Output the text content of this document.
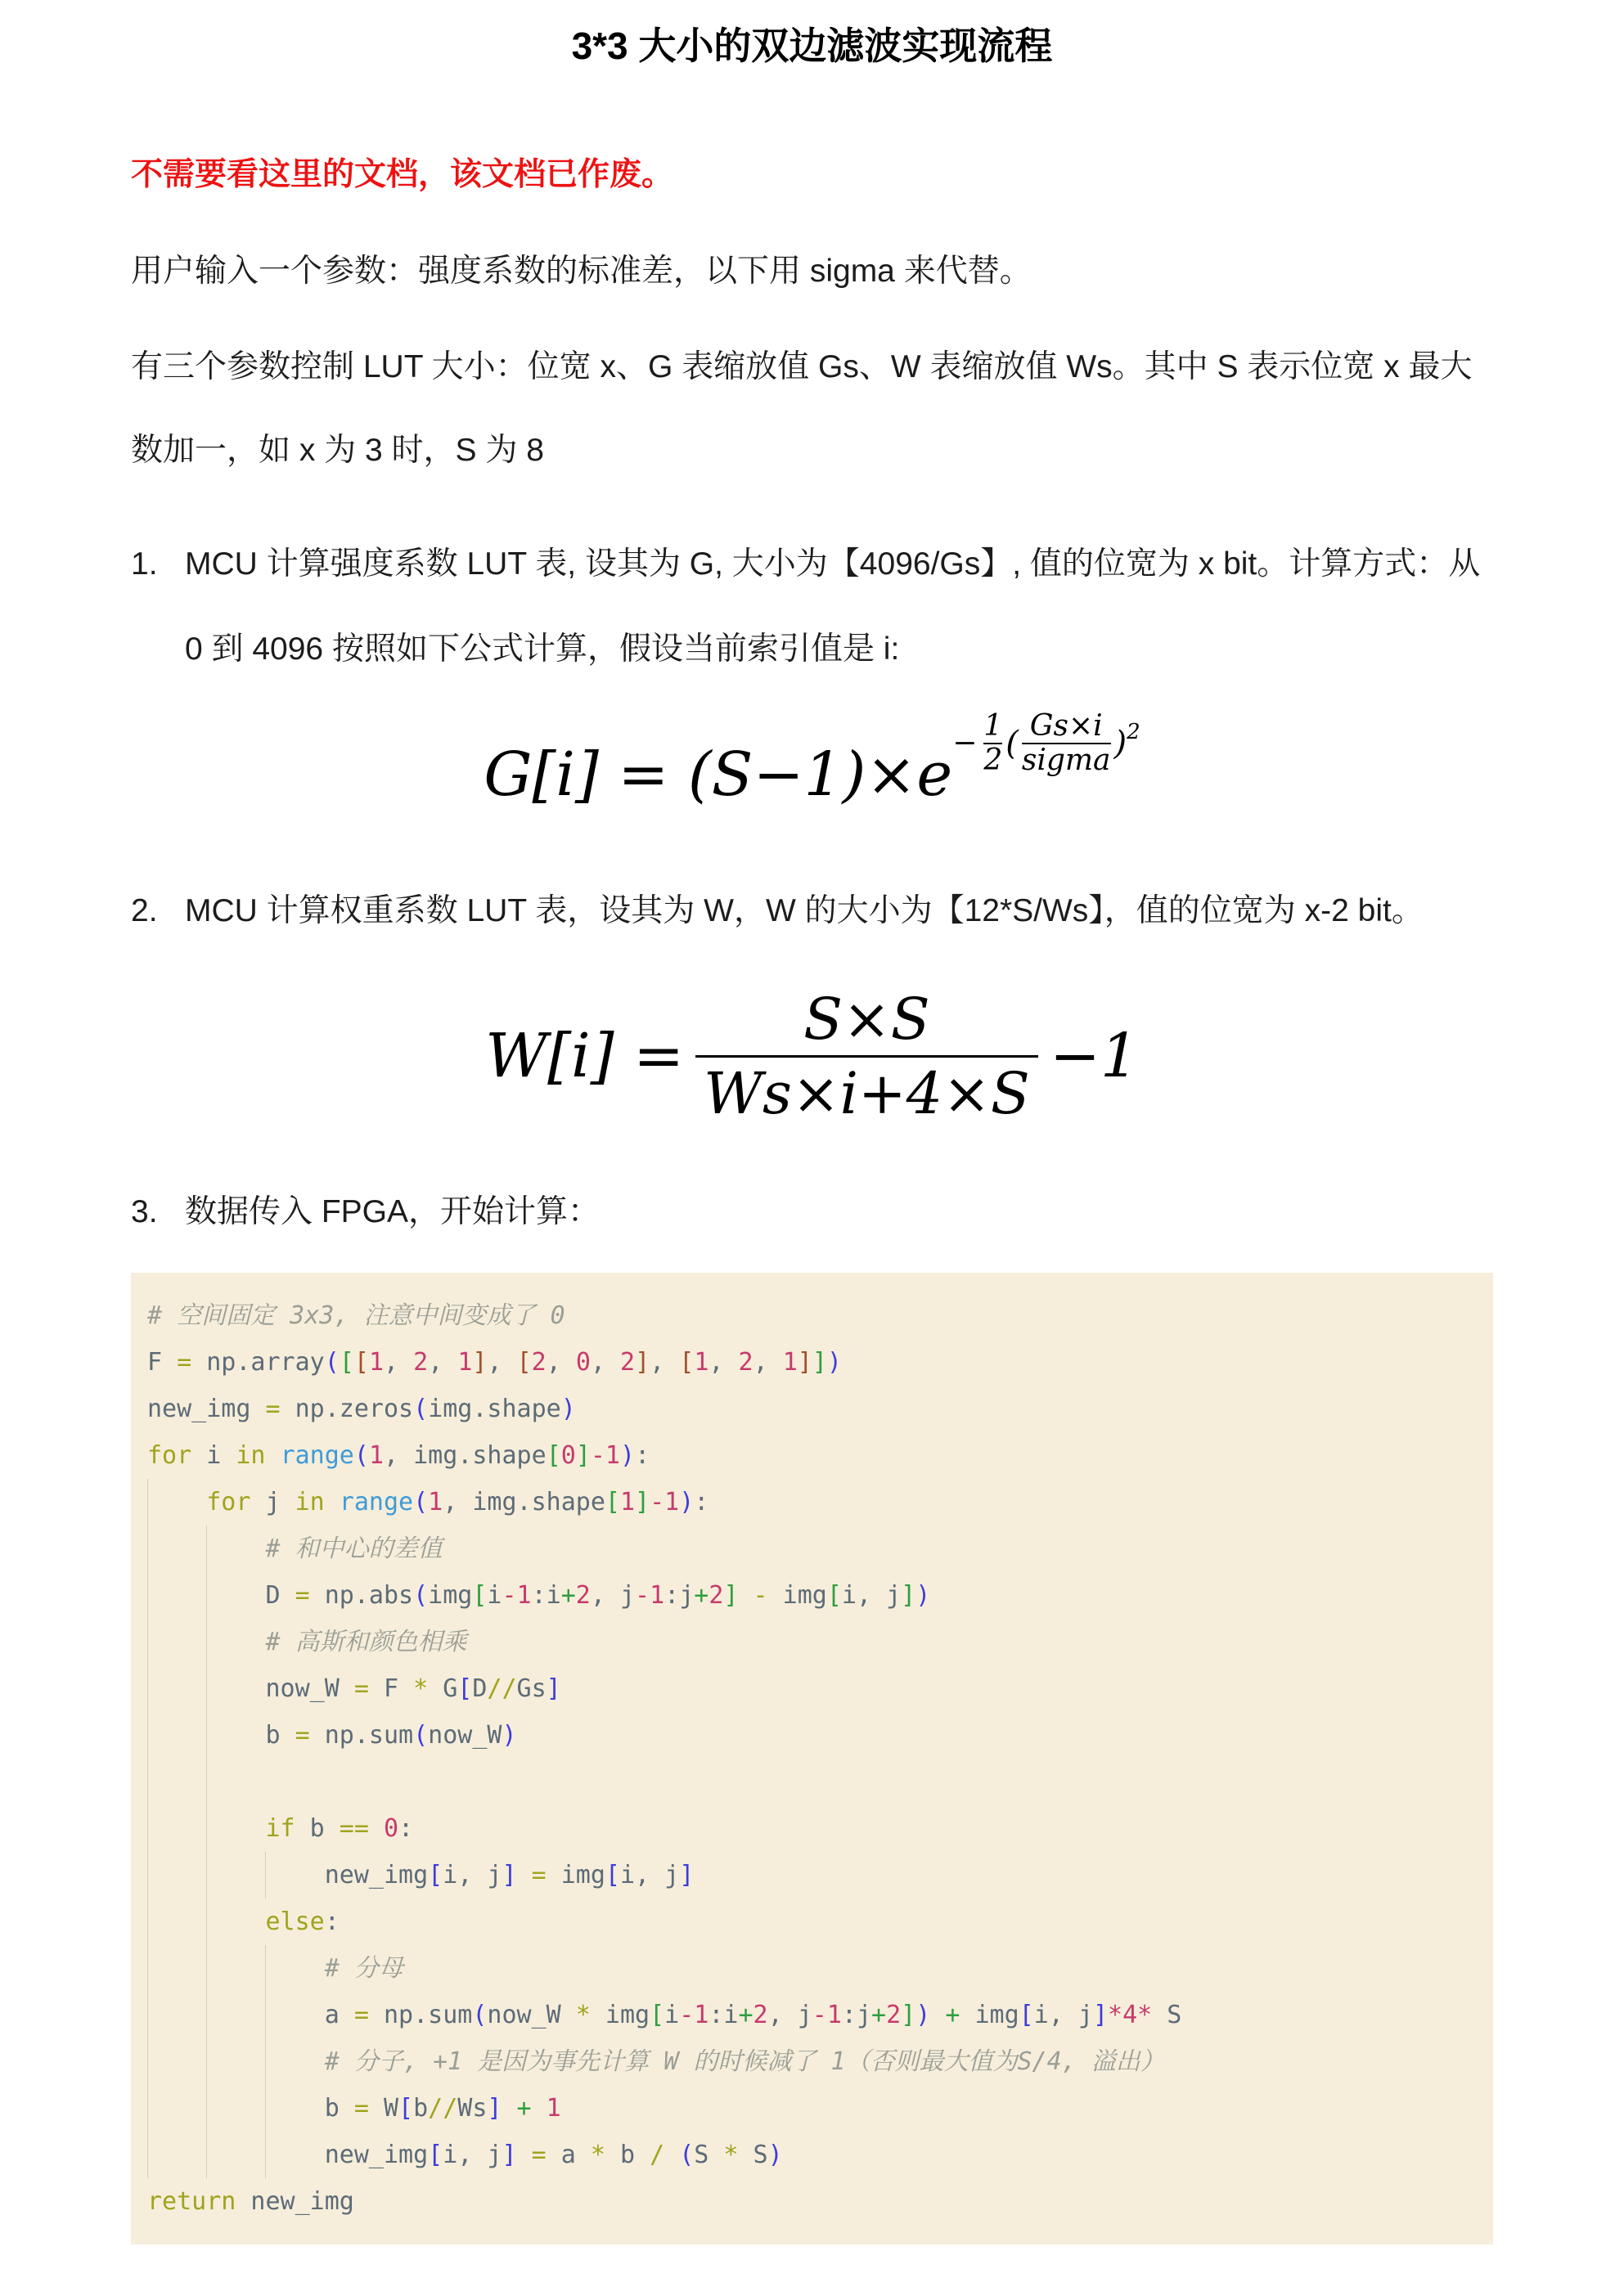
3*3 大小的双边滤波实现流程
不需要看这里的文档，该文档已作废。
用户输入一个参数：强度系数的标准差，以下用 sigma 来代替。
有三个参数控制 LUT 大小：位宽 x、G 表缩放值 Gs、W 表缩放值 Ws。其中 S 表示位宽 x 最大数加一，如 x 为 3 时，S 为 8
1. MCU 计算强度系数 LUT 表, 设其为 G, 大小为【4096/Gs】, 值的位宽为 x bit。计算方式：从 0 到 4096 按照如下公式计算，假设当前索引值是 i:
$G[i] = (S-1)\times e - \frac{1}{2}$ ( $\frac{Gs\times i}{\text{sigma}} )^2$
2. MCU 计算权重系数 LUT 表，设其为 W，W 的大小为【12*S/Ws】，值的位宽为 x-2 bit。
$W[i] = \frac{S\times S}{Ws\times i+4\times S} -1$
3. 数据传入 FPGA，开始计算：
# 空间固定 3x3, 注意中间变成了 0
F = np.array([[1, 2, 1], [2, 0, 2], [1, 2, 1]])
new_img = np.zeros(img.shape)
for i in range(1, img.shape[0]-1):
for j in range(1, img.shape[1]-1):
# 和中心的差值
D = np.abs(img[i-1:i+2, j-1:j+2] - img[i, j])
# 高斯和颜色相乘
now_W = F * G[D//Gs]
b = np.sum(now_W)
if b == 0:
new_img[i, j] = img[i, j]
else:
# 分母
a = np.sum(now_W * img[i-1:i+2, j-1:j+2]) + img[i, j]*4* S
# 分子, +1 是因为事先计算 W 的时候减了 1（否则最大值为S/4, 溢出）
b = W[b//Ws] + 1
new_img[i, j] = a * b / (S * S)
return new_img
